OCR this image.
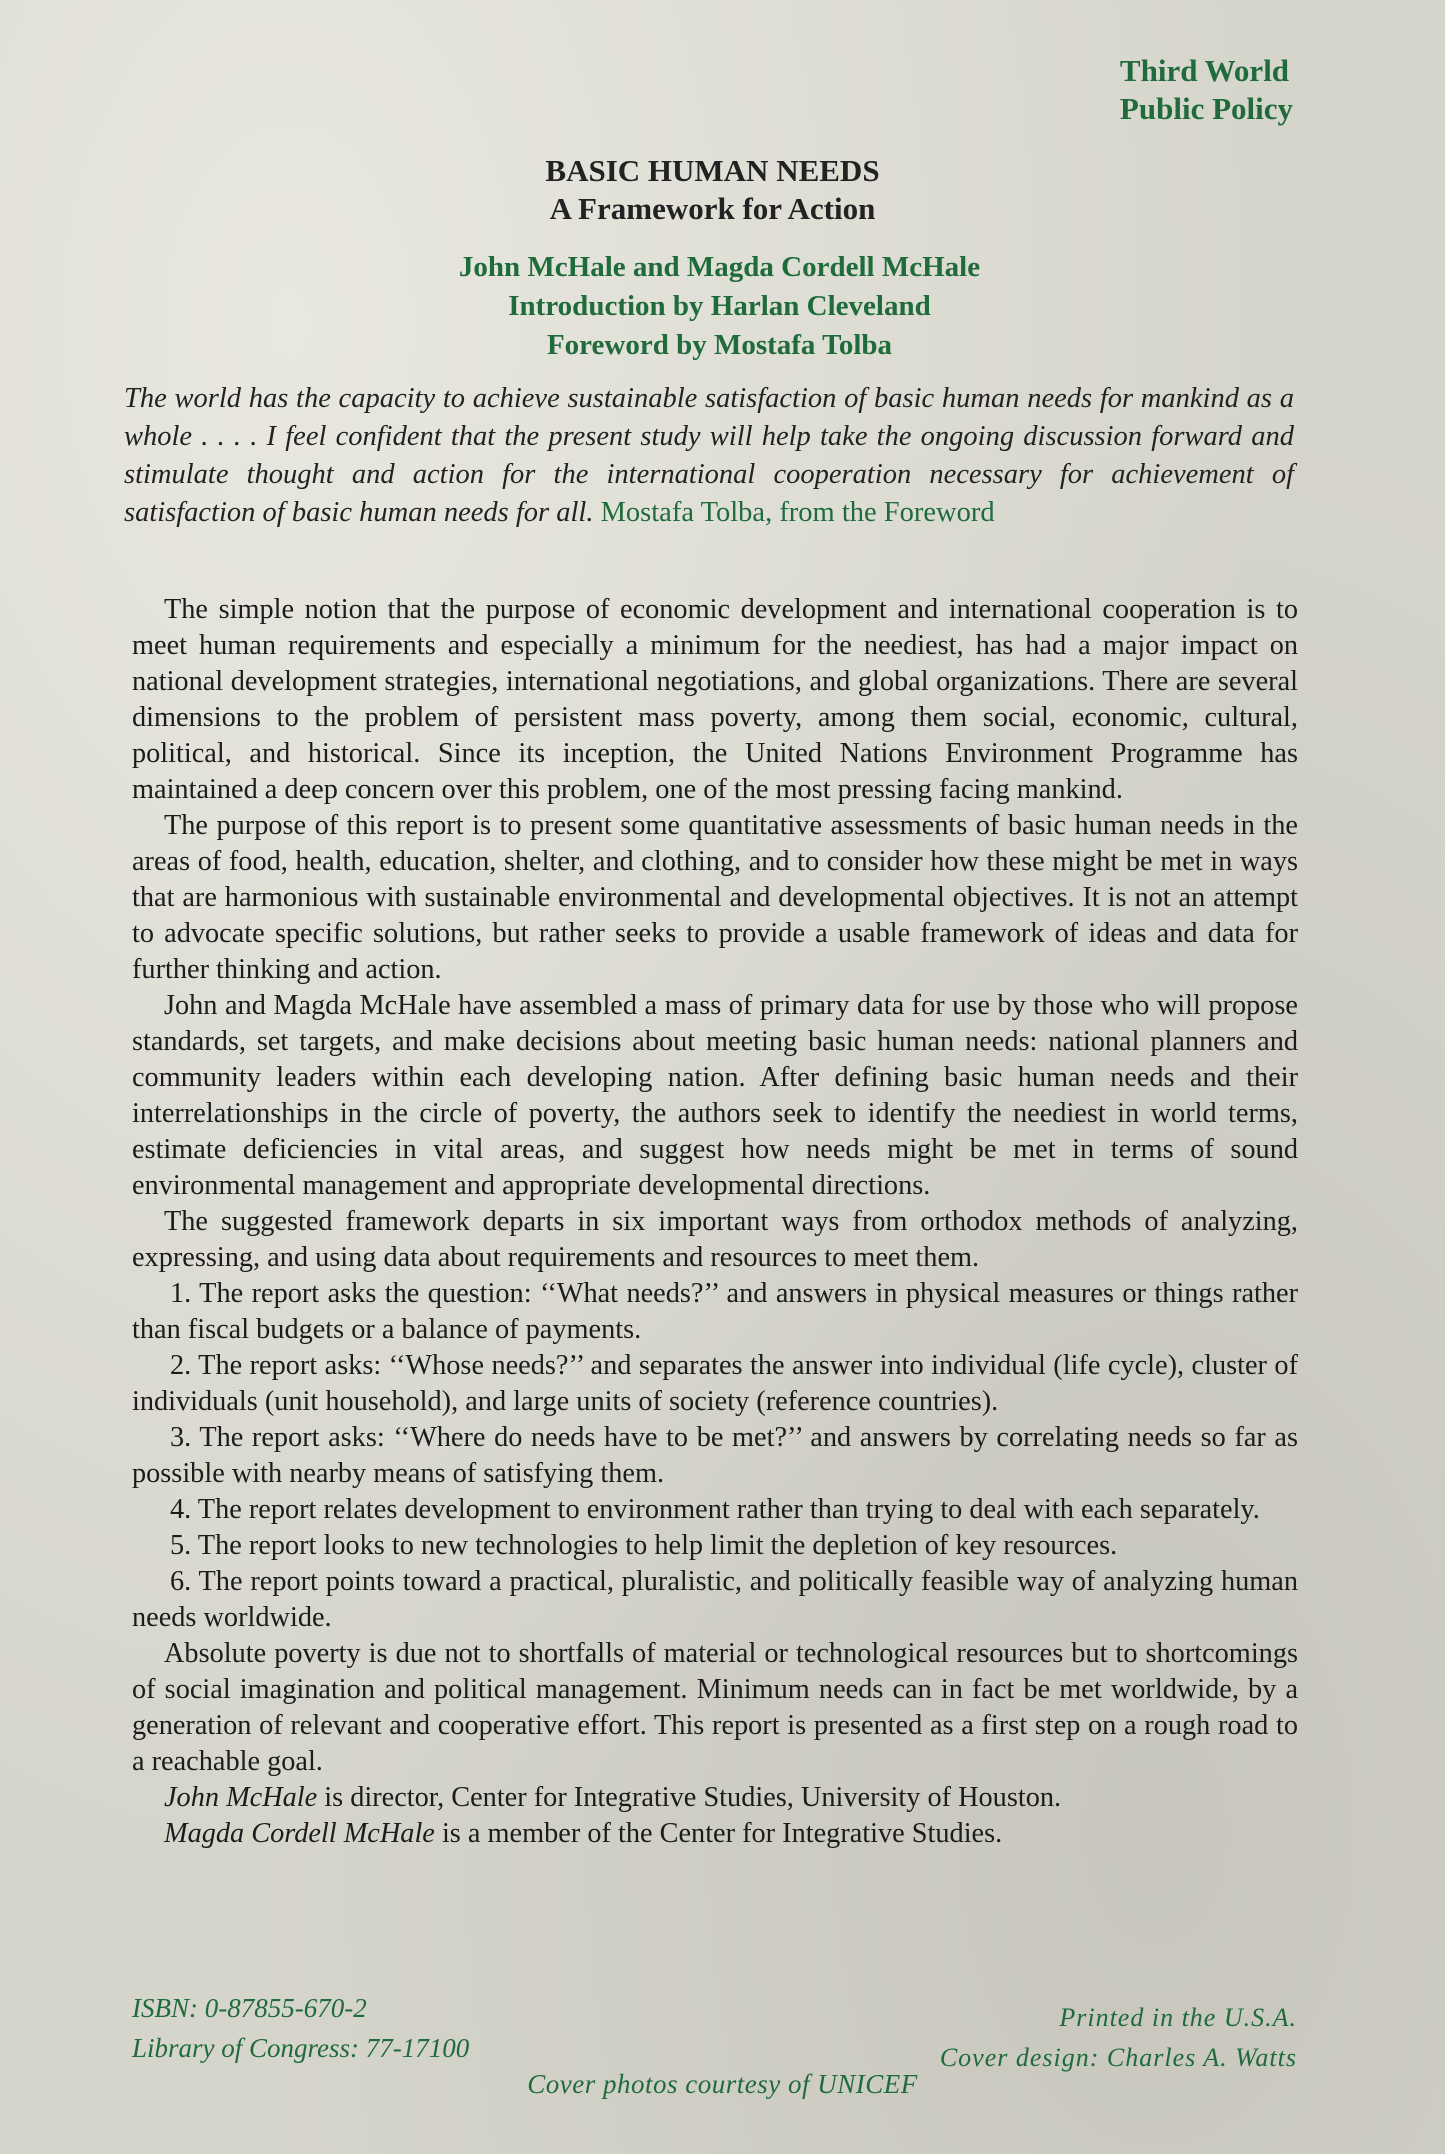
Third World
Public Policy
BASIC HUMAN NEEDS
A Framework for Action
John McHale and Magda Cordell McHale
Introduction by Harlan Cleveland
Foreword by Mostafa Tolba
The world has the capacity to achieve sustainable satisfaction of basic human needs for mankind as a whole . . . . I feel confident that the present study will help take the ongoing discussion forward and stimulate thought and action for the international cooperation necessary for achievement of satisfaction of basic human needs for all. Mostafa Tolba, from the Foreword

The simple notion that the purpose of economic development and international cooperation is to meet human requirements and especially a minimum for the neediest, has had a major impact on national development strategies, international negotiations, and global organizations. There are several dimensions to the problem of persistent mass poverty, among them social, economic, cultural, political, and historical. Since its inception, the United Nations Environment Programme has maintained a deep concern over this problem, one of the most pressing facing mankind.

The purpose of this report is to present some quantitative assessments of basic human needs in the areas of food, health, education, shelter, and clothing, and to consider how these might be met in ways that are harmonious with sustainable environmental and developmental objectives. It is not an attempt to advocate specific solutions, but rather seeks to provide a usable framework of ideas and data for further thinking and action.

John and Magda McHale have assembled a mass of primary data for use by those who will propose standards, set targets, and make decisions about meeting basic human needs: national planners and community leaders within each developing nation. After defining basic human needs and their interrelationships in the circle of poverty, the authors seek to identify the neediest in world terms, estimate deficiencies in vital areas, and suggest how needs might be met in terms of sound environmental management and appropriate developmental directions.

The suggested framework departs in six important ways from orthodox methods of analyzing, expressing, and using data about requirements and resources to meet them.

1. The report asks the question: ‘‘What needs?’’ and answers in physical measures or things rather than fiscal budgets or a balance of payments.

2. The report asks: ‘‘Whose needs?’’ and separates the answer into individual (life cycle), cluster of individuals (unit household), and large units of society (reference countries).

3. The report asks: ‘‘Where do needs have to be met?’’ and answers by correlating needs so far as possible with nearby means of satisfying them.

4. The report relates development to environment rather than trying to deal with each separately.

5. The report looks to new technologies to help limit the depletion of key resources.

6. The report points toward a practical, pluralistic, and politically feasible way of analyzing human needs worldwide.

Absolute poverty is due not to shortfalls of material or technological resources but to shortcomings of social imagination and political management. Minimum needs can in fact be met worldwide, by a generation of relevant and cooperative effort. This report is presented as a first step on a rough road to a reachable goal.

John McHale is director, Center for Integrative Studies, University of Houston.

Magda Cordell McHale is a member of the Center for Integrative Studies.

ISBN: 0-87855-670-2
Library of Congress: 77-17100
Printed in the U.S.A.
Cover design: Charles A. Watts
Cover photos courtesy of UNICEF
